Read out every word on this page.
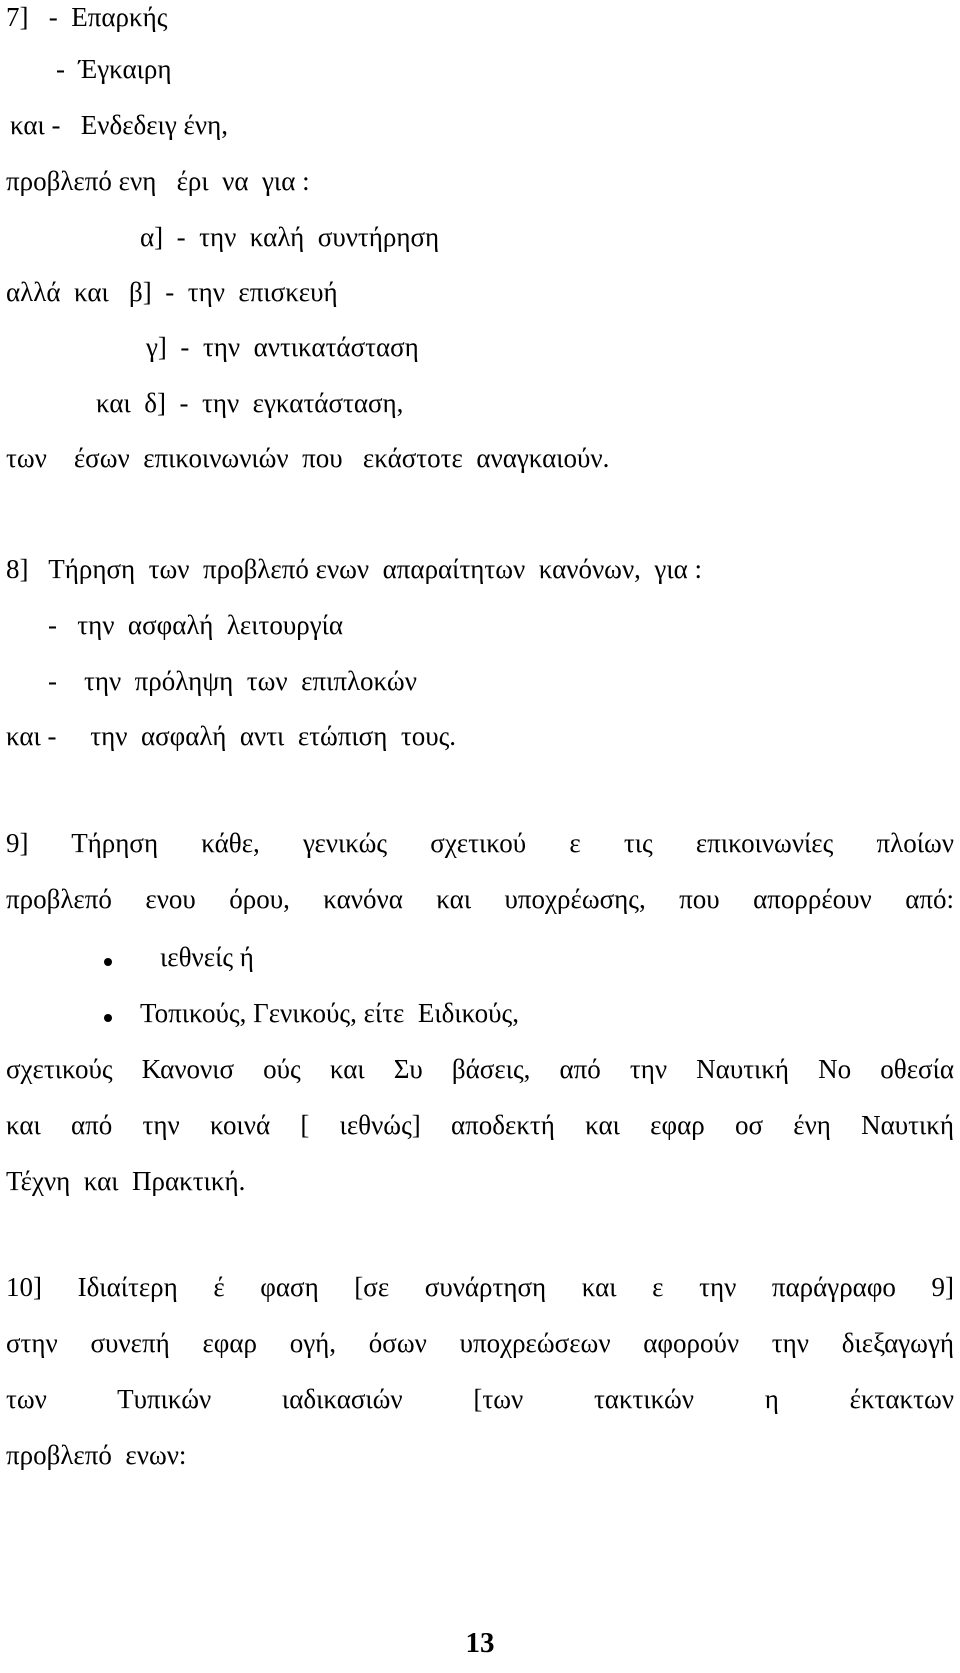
7]   -  Επαρκής
-  Έγκαιρη
και -   Ενδεδειγ ένη,
προβλεπό ενη   έρι  να  για :
α]  -  την  καλή  συντήρηση
αλλά  και   β]  -  την  επισκευή
γ]  -  την  αντικατάσταση
και  δ]  -  την  εγκατάσταση,
των    έσων  επικοινωνιών  που   εκάστοτε  αναγκαιούν.
8]   Τήρηση  των  προβλεπό ενων  απαραίτητων  κανόνων,  για :
-   την  ασφαλή  λειτουργία
-    την  πρόληψη  των  επιπλοκών
και -     την  ασφαλή  αντι  ετώπιση  τους.
9] Τήρηση κάθε, γενικώς σχετικού ε τις επικοινωνίες πλοίων
προβλεπό ενου όρου, κανόνα και υποχρέωσης, που απορρέουν από:
ιεθνείς ή
Τοπικούς, Γενικούς, είτε  Ειδικούς,
σχετικούς Κανονισ ούς και Συ βάσεις, από την Ναυτική Νο οθεσία
και από την κοινά [ ιεθνώς] αποδεκτή και εφαρ οσ ένη Ναυτική
Τέχνη  και  Πρακτική.
10] Ιδιαίτερη έ φαση [σε συνάρτηση και ε την παράγραφο 9]
στην συνεπή εφαρ ογή, όσων υποχρεώσεων αφορούν την διεξαγωγή
των Τυπικών ιαδικασιών [των τακτικών η έκτακτων
προβλεπό  ενων:
13
